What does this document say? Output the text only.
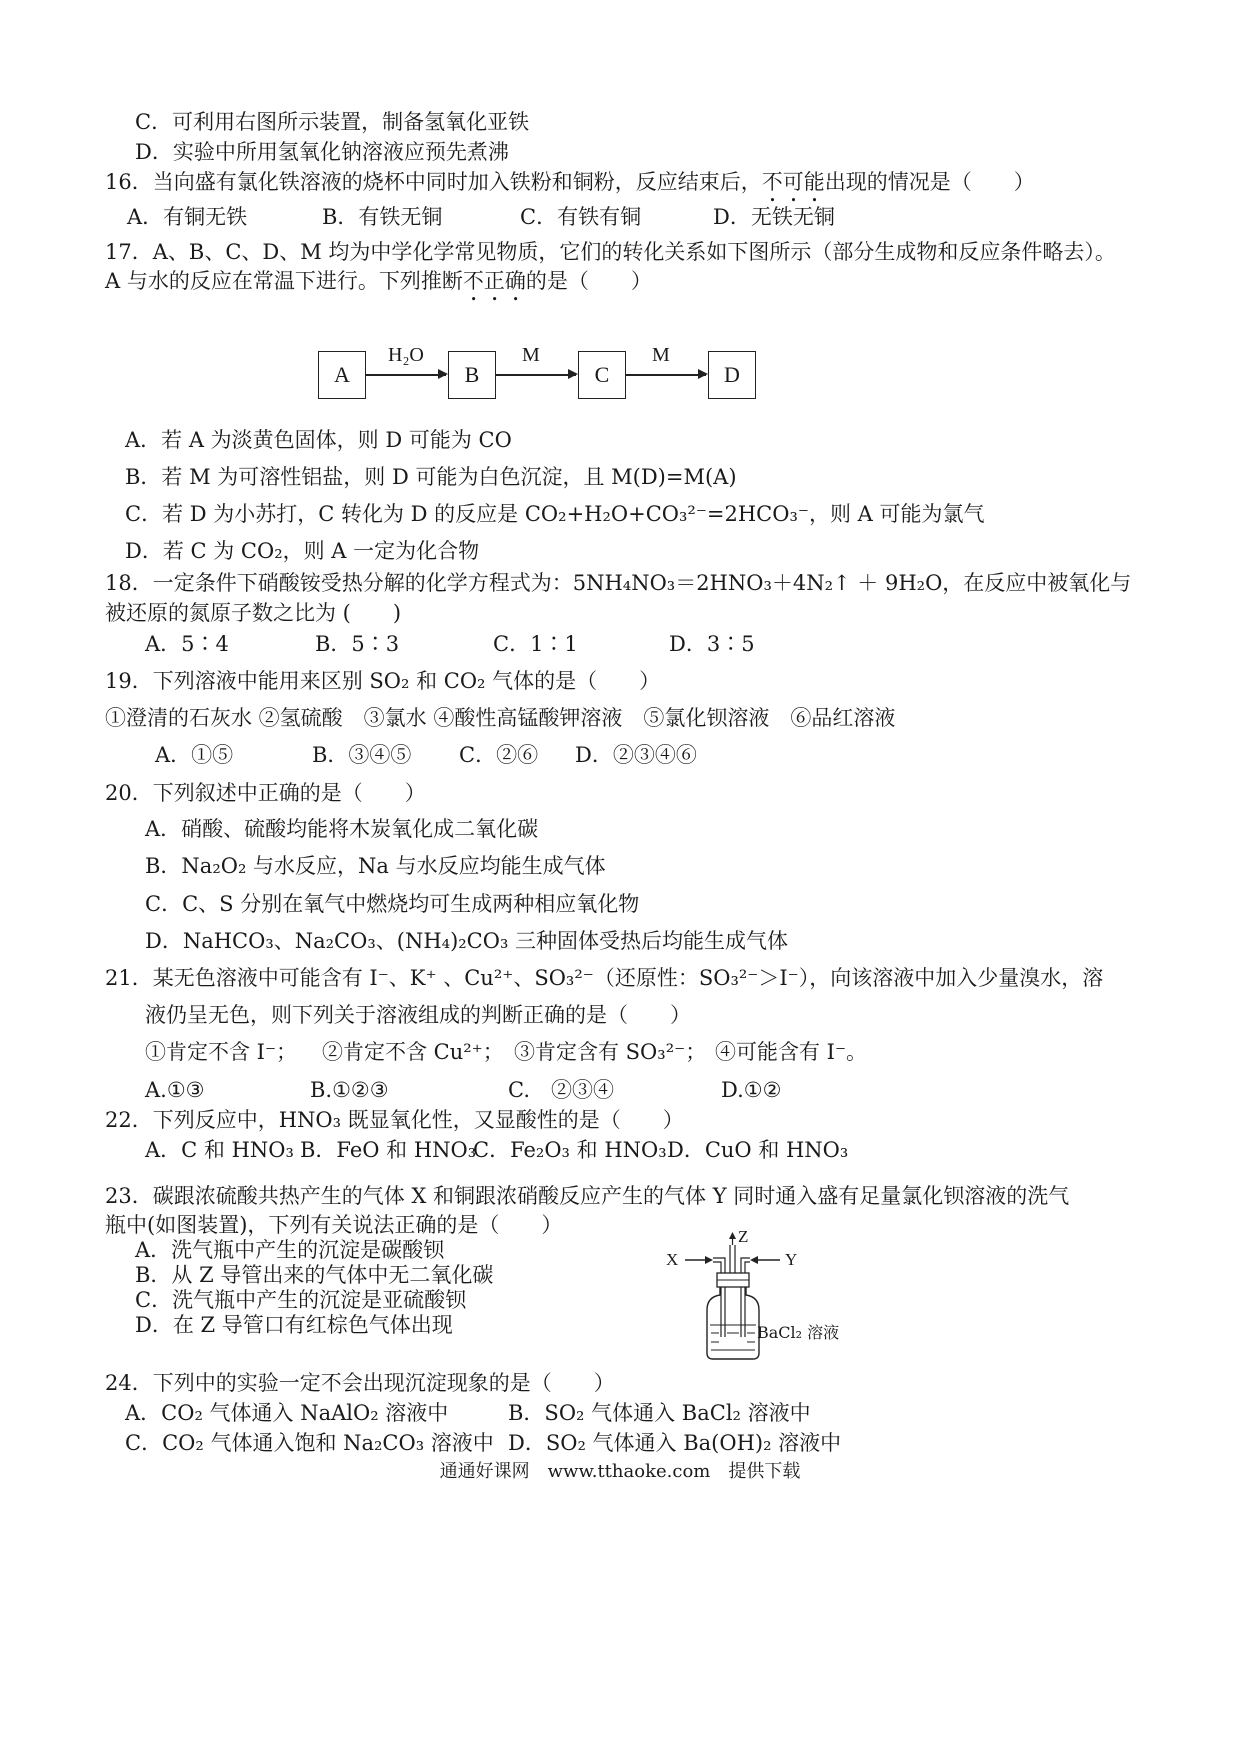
C．可利用右图所示装置，制备氢氧化亚铁
D．实验中所用氢氧化钠溶液应预先煮沸
16．当向盛有氯化铁溶液的烧杯中同时加入铁粉和铜粉，反应结束后，不可能出现的情况是（　　）
A．有铜无铁	B．有铁无铜	C．有铁有铜	D．无铁无铜
17．A、B、C、D、M 均为中学化学常见物质，它们的转化关系如下图所示（部分生成物和反应条件略去）。
A 与水的反应在常温下进行。下列推断不正确的是（　　）
A
H₂O
B
M
C
M
D
A．若 A 为淡黄色固体，则 D 可能为 CO
B．若 M 为可溶性铝盐，则 D 可能为白色沉淀，且 M(D)=M(A)
C．若 D 为小苏打，C 转化为 D 的反应是 CO₂+H₂O+CO₃²⁻=2HCO₃⁻，则 A 可能为氯气
D．若 C 为 CO₂，则 A 一定为化合物
18．一定条件下硝酸铵受热分解的化学方程式为：5NH₄NO₃＝2HNO₃＋4N₂↑ ＋ 9H₂O，在反应中被氧化与
被还原的氮原子数之比为 (　　)
A．5∶4	B．5∶3	C．1∶1	D．3∶5
19．下列溶液中能用来区别 SO₂ 和 CO₂ 气体的是（　　）
①澄清的石灰水 ②氢硫酸　③氯水 ④酸性高锰酸钾溶液　⑤氯化钡溶液　⑥品红溶液
A．①⑤	B．③④⑤ C．②⑥ D．②③④⑥
20．下列叙述中正确的是（　　）
A．硝酸、硫酸均能将木炭氧化成二氧化碳
B．Na₂O₂ 与水反应，Na 与水反应均能生成气体
C．C、S 分别在氧气中燃烧均可生成两种相应氧化物
D．NaHCO₃、Na₂CO₃、(NH₄)₂CO₃ 三种固体受热后均能生成气体
21．某无色溶液中可能含有 I⁻、K⁺ 、Cu²⁺、SO₃²⁻（还原性：SO₃²⁻＞I⁻），向该溶液中加入少量溴水，溶
液仍呈无色，则下列关于溶液组成的判断正确的是（　　）
①肯定不含 I⁻； ②肯定不含 Cu²⁺； ③肯定含有 SO₃²⁻； ④可能含有 I⁻。
A.①③	B.①②③	C.　②③④	D.①②
22．下列反应中，HNO₃ 既显氧化性，又显酸性的是（　　）
A．C 和 HNO₃ B．FeO 和 HNO₃
C．Fe₂O₃ 和 HNO₃ D．CuO 和 HNO₃
23．碳跟浓硫酸共热产生的气体 X 和铜跟浓硝酸反应产生的气体 Y 同时通入盛有足量氯化钡溶液的洗气
瓶中(如图装置)，下列有关说法正确的是（　　）
A．洗气瓶中产生的沉淀是碳酸钡
B．从 Z 导管出来的气体中无二氧化碳
C．洗气瓶中产生的沉淀是亚硫酸钡
D．在 Z 导管口有红棕色气体出现
X	Y
Z
BaCl₂ 溶液
24．下列中的实验一定不会出现沉淀现象的是（　　）
A．CO₂ 气体通入 NaAlO₂ 溶液中	B．SO₂ 气体通入 BaCl₂ 溶液中
C．CO₂ 气体通入饱和 Na₂CO₃ 溶液中 D．SO₂ 气体通入 Ba(OH)₂ 溶液中
通通好课网　www.tthaoke.com　提供下载
